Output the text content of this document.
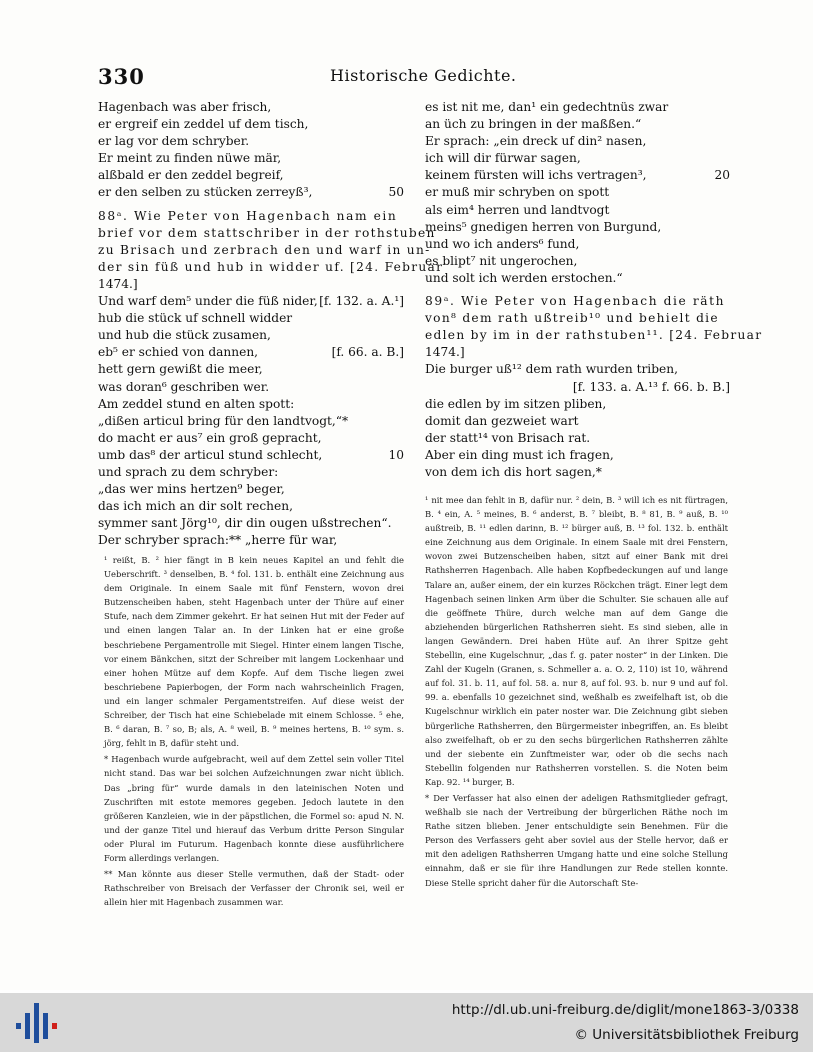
330	Historische Gedichte.
Hagenbach was aber frisch,
er ergreif ein zeddel uf dem tisch,
er lag vor dem schryber.
Er meint zu finden nüwe mär,
alßbald er den zeddel begreif,
er den selben zu stücken zerreyß³,	50
88ᵃ. Wie Peter von Hagenbach nam ein
brief vor dem stattschriber in der rothstuben
zu Brisach und zerbrach den und warf in un-
der sin füß und hub in widder uf. [24. Februar
1474.]
Und warf dem⁵ under die füß nider, [f. 132. a. A.¹]
hub die stück uf schnell widder
und hub die stück zusamen,
eb⁵ er schied von dannen,	[f. 66. a. B.]
hett gern gewißt die meer,
was doran⁶ geschriben wer.
Am zeddel stund en alten spott:
„dißen articul bring für den landtvogt,“*
do macht er aus⁷ ein groß gepracht,
umb das⁸ der articul stund schlecht,	10
und sprach zu dem schryber:
„das wer mins hertzen⁹ beger,
das ich mich an dir solt rechen,
symmer sant Jörg¹⁰, dir din ougen ußstrechen“.
Der schryber sprach:** „herre für war,
es ist nit me, dan¹ ein gedechtnüs zwar
an üch zu bringen in der maßßen.“
Er sprach: „ein dreck uf din² nasen,
ich will dir fürwar sagen,
keinem fürsten will ichs vertragen³,	20
er muß mir schryben on spott
als eim⁴ herren und landtvogt
meins⁵ gnedigen herren von Burgund,
und wo ich anders⁶ fund,
es blipt⁷ nit ungerochen,
und solt ich werden erstochen.“
89ᵃ. Wie Peter von Hagenbach die räth
von⁸ dem rath ußtreib¹⁰ und behielt die
edlen by im in der rathstuben¹¹. [24. Februar
1474.]
Die burger uß¹² dem rath wurden triben,
[f. 133. a. A.¹³ f. 66. b. B.]
die edlen by im sitzen pliben,
domit dan gezweiet wart
der statt¹⁴ von Brisach rat.
Aber ein ding must ich fragen,
von dem ich dis hort sagen,*

¹ reißt, B. ² hier fängt in B kein neues Kapitel an und fehlt die Ueberschrift. ³ denselben, B. ⁴ fol. 131. b. enthält eine Zeichnung aus dem Originale. In einem Saale mit fünf Fenstern, wovon drei Butzenscheiben haben, steht Hagenbach unter der Thüre auf einer Stufe, nach dem Zimmer gekehrt. Er hat seinen Hut mit der Feder auf und einen langen Talar an. In der Linken hat er eine große beschriebene Pergamentrolle mit Siegel. Hinter einem langen Tische, vor einem Bänkchen, sitzt der Schreiber mit langem Lockenhaar und einer hohen Mütze auf dem Kopfe. Auf dem Tische liegen zwei beschriebene Papierbogen, der Form nach wahrscheinlich Fragen, und ein langer schmaler Pergamentstreifen. Auf diese weist der Schreiber, der Tisch hat eine Schiebelade mit einem Schlosse. ⁵ ehe, B. ⁶ daran, B. ⁷ so, B; als, A. ⁸ weil, B. ⁹ meines hertens, B. ¹⁰ sym. s. jörg, fehlt in B, dafür steht und.

* Hagenbach wurde aufgebracht, weil auf dem Zettel sein voller Titel nicht stand. Das war bei solchen Aufzeichnungen zwar nicht üblich. Das „bring für“ wurde damals in den lateinischen Noten und Zuschriften mit estote memores gegeben. Jedoch lautete in den größeren Kanzleien, wie in der päpstlichen, die Formel so: apud N. N. und der ganze Titel und hierauf das Verbum dritte Person Singular oder Plural im Futurum. Hagenbach konnte diese ausführlichere Form allerdings verlangen.

** Man könnte aus dieser Stelle vermuthen, daß der Stadt- oder Rathschreiber von Breisach der Verfasser der Chronik sei, weil er allein hier mit Hagenbach zusammen war.

¹ nit mee dan fehlt in B, dafür nur. ² dein, B. ³ will ich es nit fürtragen, B. ⁴ ein, A. ⁵ meines, B. ⁶ anderst, B. ⁷ bleibt, B. ⁸ 81, B. ⁹ auß, B. ¹⁰ außtreib, B. ¹¹ edlen darinn, B. ¹² bürger auß, B. ¹³ fol. 132. b. enthält eine Zeichnung aus dem Originale. In einem Saale mit drei Fenstern, wovon zwei Butzenscheiben haben, sitzt auf einer Bank mit drei Rathsherren Hagenbach. Alle haben Kopfbedeckungen auf und lange Talare an, außer einem, der ein kurzes Röckchen trägt. Einer legt dem Hagenbach seinen linken Arm über die Schulter. Sie schauen alle auf die geöffnete Thüre, durch welche man auf dem Gange die abziehenden bürgerlichen Rathsherren sieht. Es sind sieben, alle in langen Gewändern. Drei haben Hüte auf. An ihrer Spitze geht Stebellin, eine Kugelschnur, „das f. g. pater noster“ in der Linken. Die Zahl der Kugeln (Granen, s. Schmeller a. a. O. 2, 110) ist 10, während auf fol. 31. b. 11, auf fol. 58. a. nur 8, auf fol. 93. b. nur 9 und auf fol. 99. a. ebenfalls 10 gezeichnet sind, weßhalb es zweifelhaft ist, ob die Kugelschnur wirklich ein pater noster war. Die Zeichnung gibt sieben bürgerliche Rathsherren, den Bürgermeister inbegriffen, an. Es bleibt also zweifelhaft, ob er zu den sechs bürgerlichen Rathsherren zählte und der siebente ein Zunftmeister war, oder ob die sechs nach Stebellin folgenden nur Rathsherren vorstellen. S. die Noten beim Kap. 92. ¹⁴ burger, B.

* Der Verfasser hat also einen der adeligen Rathsmitglieder gefragt, weßhalb sie nach der Vertreibung der bürgerlichen Räthe noch im Rathe sitzen blieben. Jener entschuldigte sein Benehmen. Für die Person des Verfassers geht aber soviel aus der Stelle hervor, daß er mit den adeligen Rathsherren Umgang hatte und eine solche Stellung einnahm, daß er sie für ihre Handlungen zur Rede stellen konnte. Diese Stelle spricht daher für die Autorschaft Ste-

http://dl.ub.uni-freiburg.de/diglit/mone1863-3/0338
© Universitätsbibliothek Freiburg
